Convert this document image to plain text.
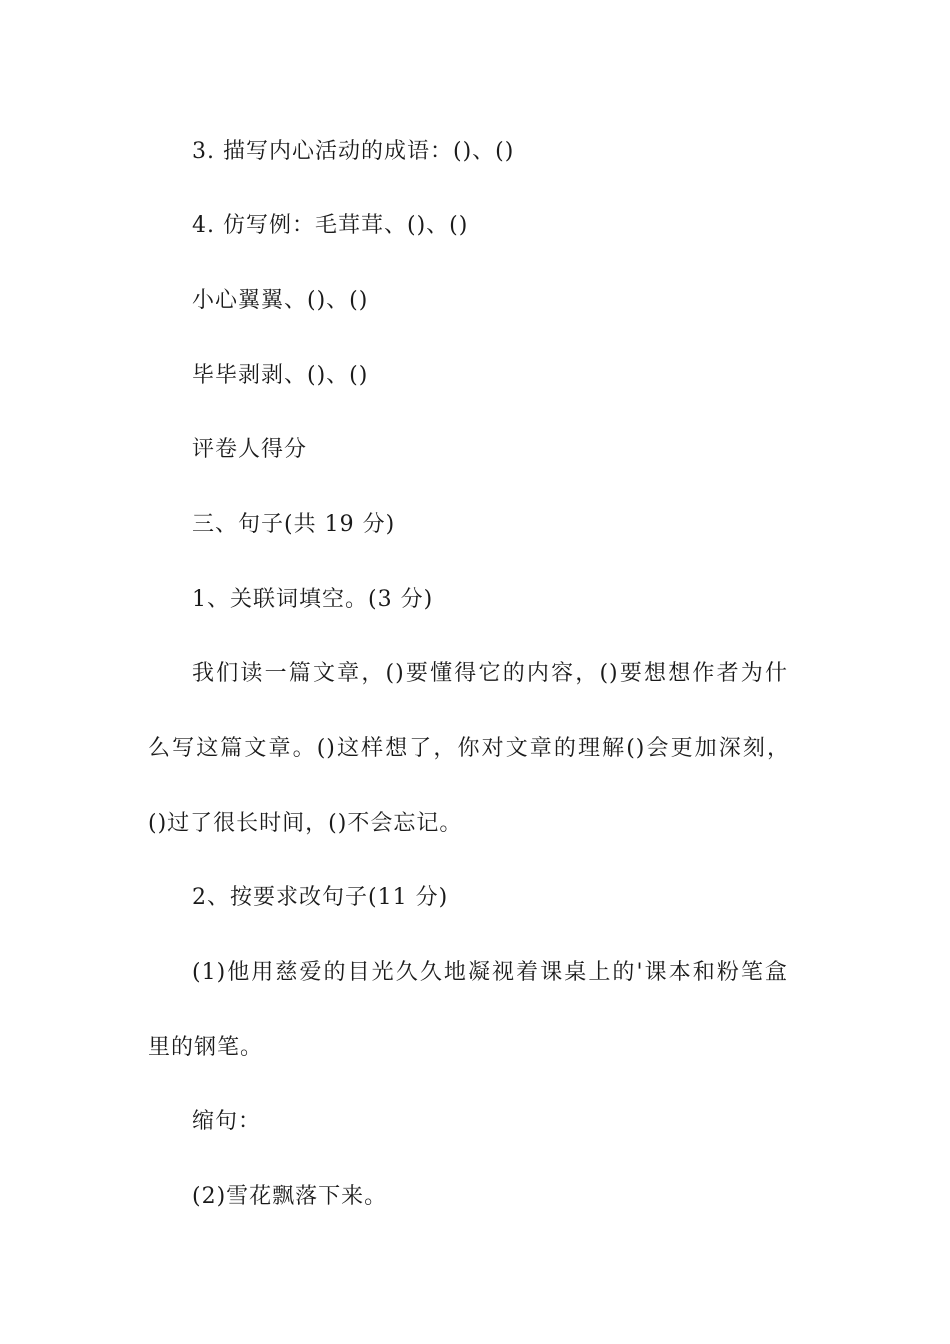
3. 描写内心活动的成语：()、()
4. 仿写例：毛茸茸、()、()
小心翼翼、()、()
毕毕剥剥、()、()
评卷人得分
三、句子(共 19 分)
1、关联词填空。(3 分)
我们读一篇文章，()要懂得它的内容，()要想想作者为什
么写这篇文章。()这样想了，你对文章的理解()会更加深刻，
()过了很长时间，()不会忘记。
2、按要求改句子(11 分)
(1)他用慈爱的目光久久地凝视着课桌上的'课本和粉笔盒
里的钢笔。
缩句：
(2)雪花飘落下来。
